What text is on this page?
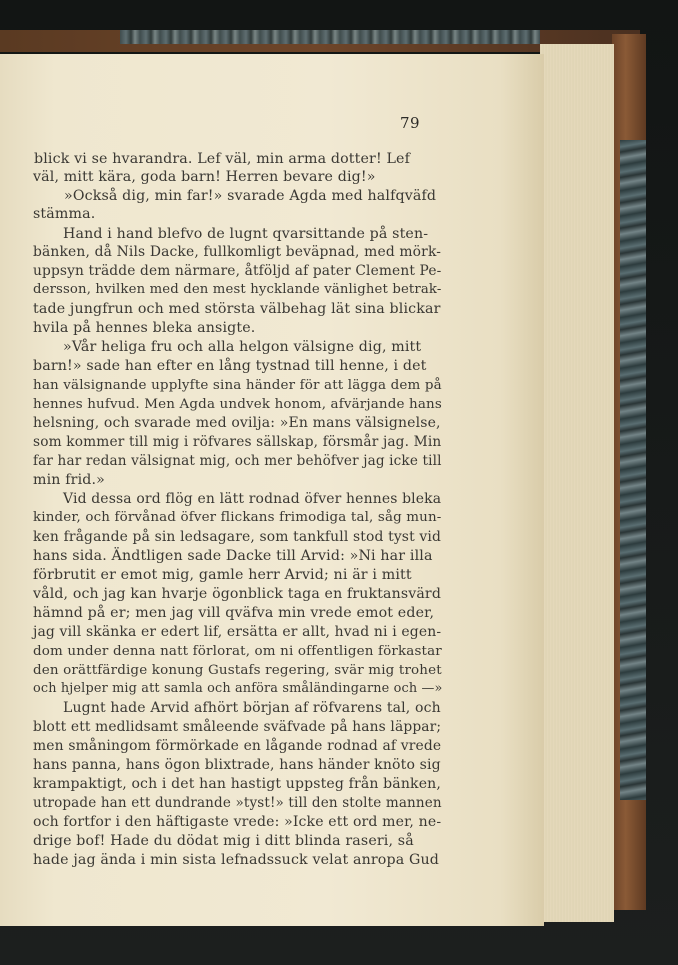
79
blick vi se hvarandra. Lef väl, min arma dotter! Lef
väl, mitt kära, goda barn! Herren bevare dig!»
»Också dig, min far!» svarade Agda med halfqväfd
stämma.
Hand i hand blefvo de lugnt qvarsittande på sten-
bänken, då Nils Dacke, fullkomligt beväpnad, med mörk-
uppsyn trädde dem närmare, åtföljd af pater Clement Pe-
dersson, hvilken med den mest hycklande vänlighet betrak-
tade jungfrun och med största välbehag lät sina blickar
hvila på hennes bleka ansigte.
»Vår heliga fru och alla helgon välsigne dig, mitt
barn!» sade han efter en lång tystnad till henne, i det
han välsignande upplyfte sina händer för att lägga dem på
hennes hufvud. Men Agda undvek honom, afvärjande hans
helsning, och svarade med ovilja: »En mans välsignelse,
som kommer till mig i röfvares sällskap, försmår jag. Min
far har redan välsignat mig, och mer behöfver jag icke till
min frid.»
Vid dessa ord flög en lätt rodnad öfver hennes bleka
kinder, och förvånad öfver flickans frimodiga tal, såg mun-
ken frågande på sin ledsagare, som tankfull stod tyst vid
hans sida. Ändtligen sade Dacke till Arvid: »Ni har illa
förbrutit er emot mig, gamle herr Arvid; ni är i mitt
våld, och jag kan hvarje ögonblick taga en fruktansvärd
hämnd på er; men jag vill qväfva min vrede emot eder,
jag vill skänka er edert lif, ersätta er allt, hvad ni i egen-
dom under denna natt förlorat, om ni offentligen förkastar
den orättfärdige konung Gustafs regering, svär mig trohet
och hjelper mig att samla och anföra småländingarne och —»
Lugnt hade Arvid afhört början af röfvarens tal, och
blott ett medlidsamt småleende sväfvade på hans läppar;
men småningom förmörkade en lågande rodnad af vrede
hans panna, hans ögon blixtrade, hans händer knöto sig
krampaktigt, och i det han hastigt uppsteg från bänken,
utropade han ett dundrande »tyst!» till den stolte mannen
och fortfor i den häftigaste vrede: »Icke ett ord mer, ne-
drige bof! Hade du dödat mig i ditt blinda raseri, så
hade jag ända i min sista lefnadssuck velat anropa Gud
